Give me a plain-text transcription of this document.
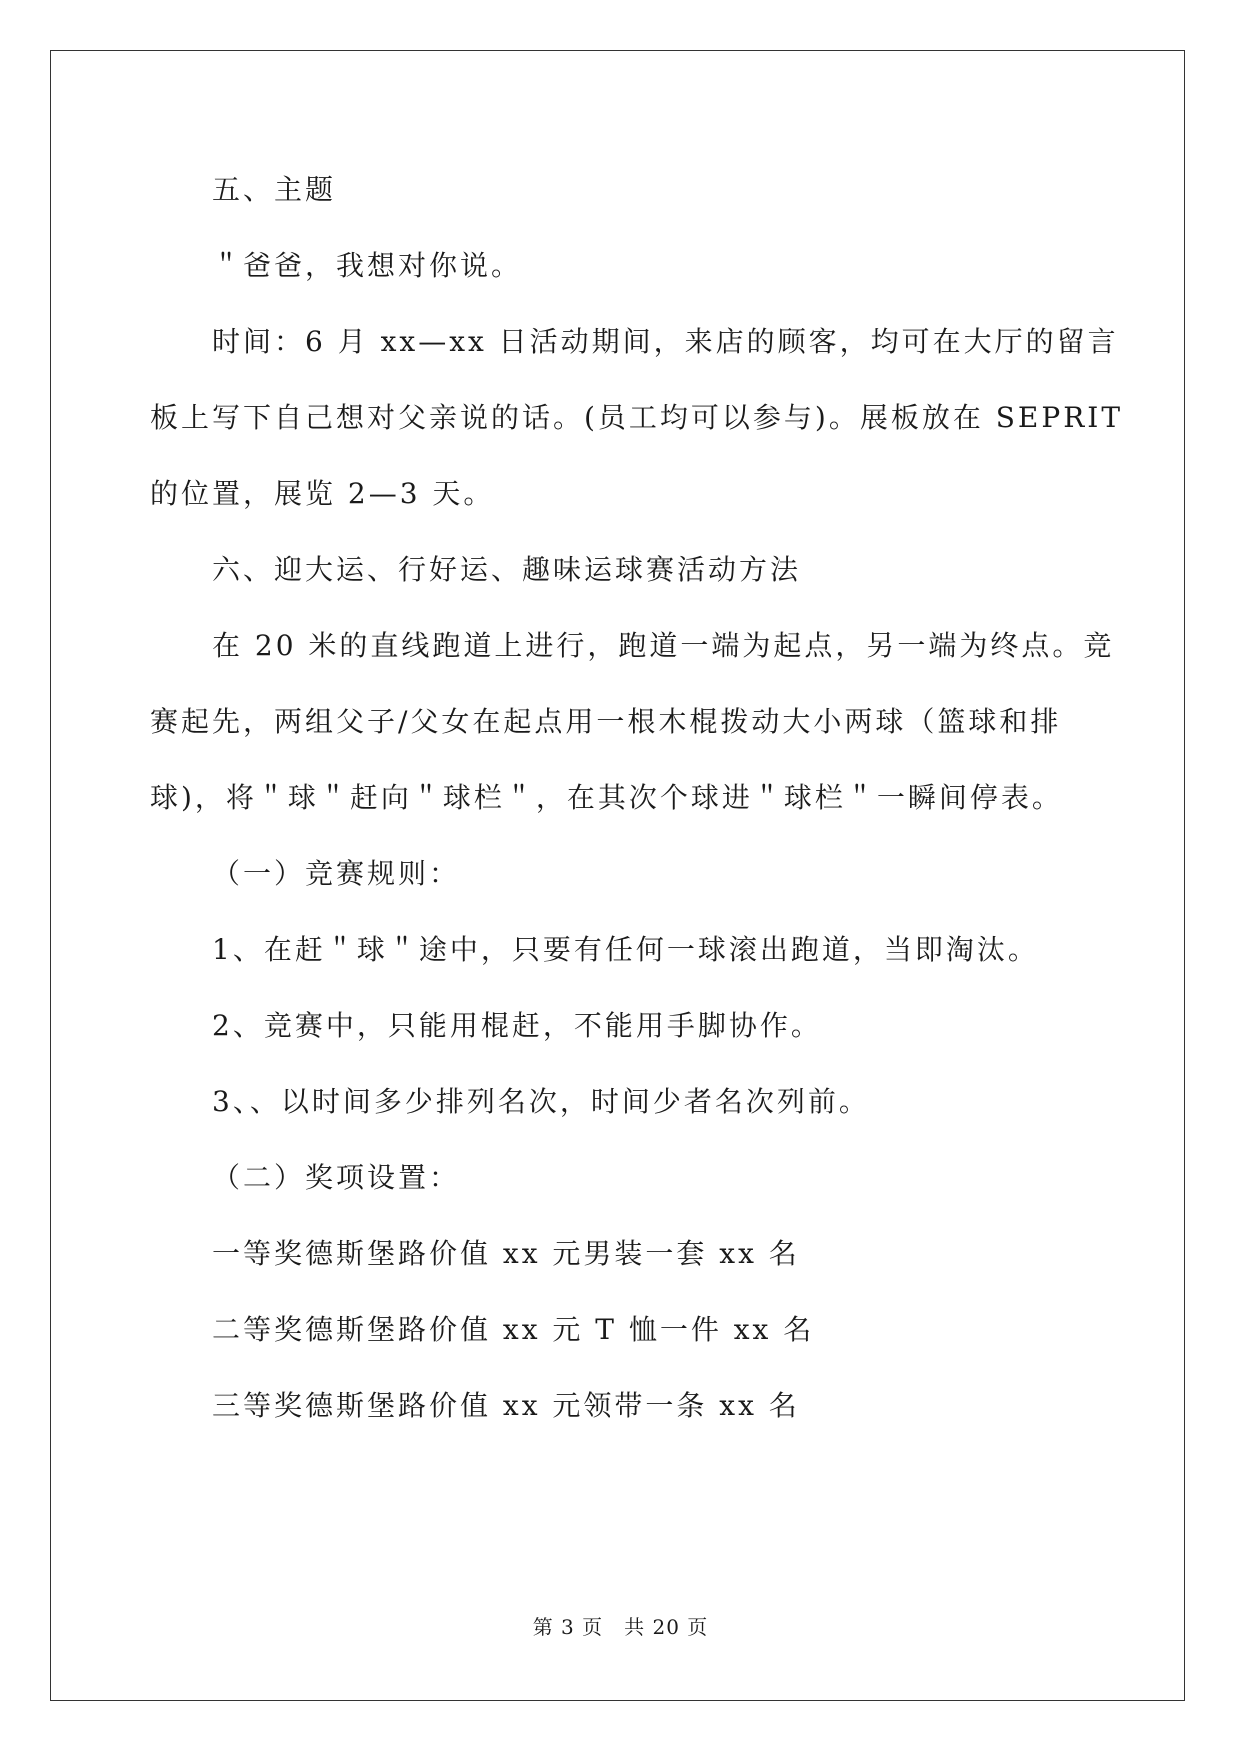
五、主题
＂爸爸，我想对你说。
时间：6 月 xx—xx 日活动期间，来店的顾客，均可在大厅的留言
板上写下自己想对父亲说的话。(员工均可以参与)。展板放在 SEPRIT
的位置，展览 2—3 天。
六、迎大运、行好运、趣味运球赛活动方法
在 20 米的直线跑道上进行，跑道一端为起点，另一端为终点。竞
赛起先，两组父子/父女在起点用一根木棍拨动大小两球（篮球和排
球)，将＂球＂赶向＂球栏＂，在其次个球进＂球栏＂一瞬间停表。
（一）竞赛规则：
1、在赶＂球＂途中，只要有任何一球滚出跑道，当即淘汰。
2、竞赛中，只能用棍赶，不能用手脚协作。
3、、以时间多少排列名次，时间少者名次列前。
（二）奖项设置：
一等奖德斯堡路价值 xx 元男装一套 xx 名
二等奖德斯堡路价值 xx 元 T 恤一件 xx 名
三等奖德斯堡路价值 xx 元领带一条 xx 名
第 3 页　共 20 页
